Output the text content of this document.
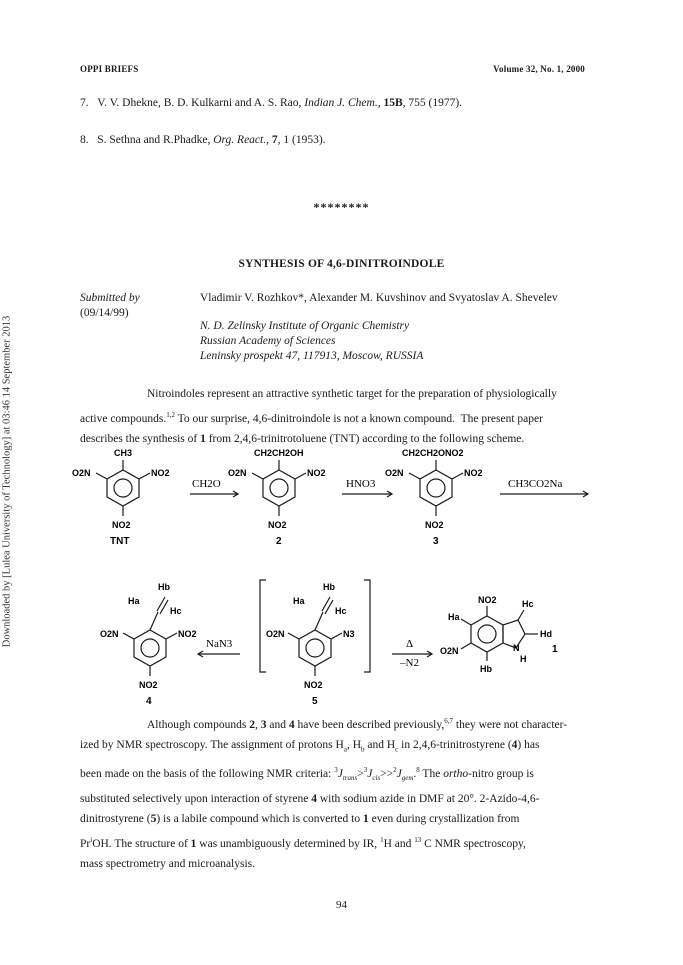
OPPI BRIEFS	Volume 32, No. 1, 2000
Downloaded by [Lulea University of Technology] at 03:46 14 September 2013
7. V. V. Dhekne, B. D. Kulkarni and A. S. Rao, Indian J. Chem., 15B, 755 (1977).
8. S. Sethna and R.Phadke, Org. React., 7, 1 (1953).
********
SYNTHESIS OF 4,6-DINITROINDOLE
Submitted by
(09/14/99)
Vladimir V. Rozhkov*, Alexander M. Kuvshinov and Svyatoslav A. Shevelev
N. D. Zelinsky Institute of Organic Chemistry
Russian Academy of Sciences
Leninsky prospekt 47, 117913, Moscow, RUSSIA
Nitroindoles represent an attractive synthetic target for the preparation of physiologically
active compounds.$^{1,2}$ To our surprise, 4,6-dinitroindole is not a known compound.  The present paper
describes the synthesis of 1 from 2,4,6-trinitrotoluene (TNT) according to the following scheme.
CH3
O2N	NO2
NO2
TNT
CH2O
CH2CH2OH
O2N	NO2
NO2
2
HNO3
CH2CH2ONO2
O2N	NO2
NO2
3
CH3CO2Na
Hb
Ha
Hc
O2N	NO2
NO2
4
NaN3
Hb
Ha
Hc
O2N	N3
NO2
5
Δ
–N2
NO2	Hc
Hd
Ha
O2N	N
H
Hb
1
Although compounds 2, 3 and 4 have been described previously,$^{6,7}$ they were not character-
ized by NMR spectroscopy. The assignment of protons $H_a$, $H_b$ and $H_c$ in 2,4,6-trinitrostyrene (4) has
been made on the basis of the following NMR criteria: $^3J_{trans}>^3J_{cis}>>^2J_{gem}.^8$ The ortho-nitro group is
substituted selectively upon interaction of styrene 4 with sodium azide in DMF at 20°. 2-Azido-4,6-
dinitrostyrene (5) is a labile compound which is converted to 1 even during crystallization from
Pr$^i$OH. The structure of 1 was unambiguously determined by IR, $^1$H and $^{13}$ C NMR spectroscopy,
mass spectrometry and microanalysis.
94
